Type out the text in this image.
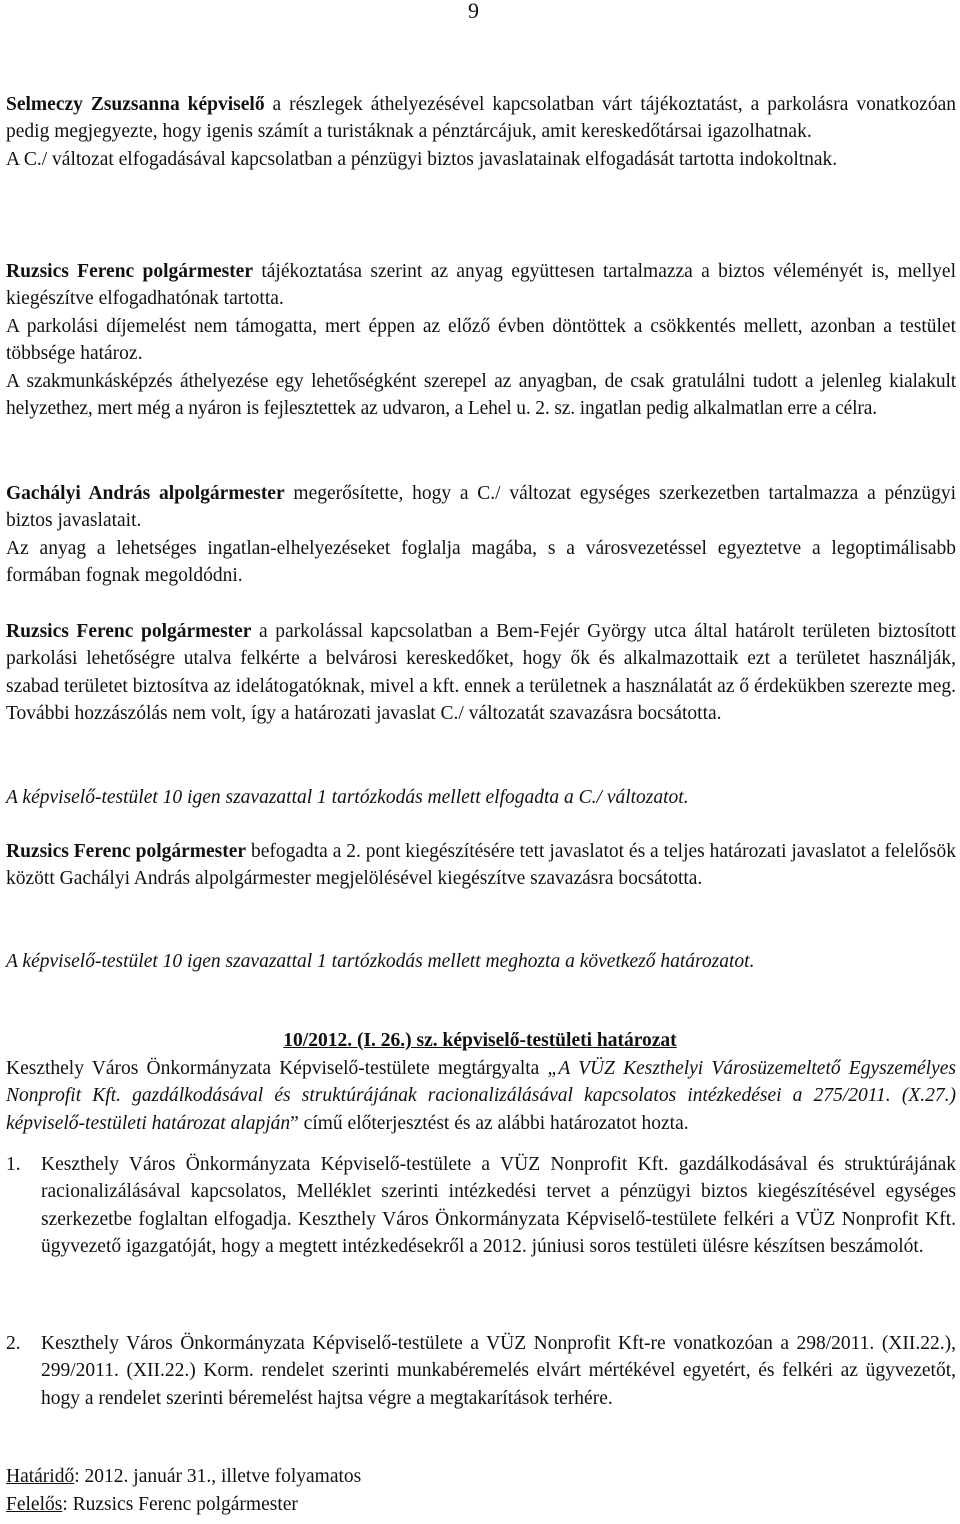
9

Selmeczy Zsuzsanna képviselő a részlegek áthelyezésével kapcsolatban várt tájékoztatást, a parkolásra vonatkozóan pedig megjegyezte, hogy igenis számít a turistáknak a pénztárcájuk, amit kereskedőtársai igazolhatnak.
A C./ változat elfogadásával kapcsolatban a pénzügyi biztos javaslatainak elfogadását tartotta indokoltnak.

Ruzsics Ferenc polgármester tájékoztatása szerint az anyag együttesen tartalmazza a biztos véleményét is, mellyel kiegészítve elfogadhatónak tartotta.
A parkolási díjemelést nem támogatta, mert éppen az előző évben döntöttek a csökkentés mellett, azonban a testület többsége határoz.
A szakmunkásképzés áthelyezése egy lehetőségként szerepel az anyagban, de csak gratulálni tudott a jelenleg kialakult helyzethez, mert még a nyáron is fejlesztettek az udvaron, a Lehel u. 2. sz. ingatlan pedig alkalmatlan erre a célra.

Gachályi András alpolgármester megerősítette, hogy a C./ változat egységes szerkezetben tartalmazza a pénzügyi biztos javaslatait.
Az anyag a lehetséges ingatlan-elhelyezéseket foglalja magába, s a városvezetéssel egyeztetve a legoptimálisabb formában fognak megoldódni.

Ruzsics Ferenc polgármester a parkolással kapcsolatban a Bem-Fejér György utca által határolt területen biztosított parkolási lehetőségre utalva felkérte a belvárosi kereskedőket, hogy ők és alkalmazottaik ezt a területet használják, szabad területet biztosítva az idelátogatóknak, mivel a kft. ennek a területnek a használatát az ő érdekükben szerezte meg. További hozzászólás nem volt, így a határozati javaslat C./ változatát szavazásra bocsátotta.

A képviselő-testület 10 igen szavazattal 1 tartózkodás mellett elfogadta a C./ változatot.

Ruzsics Ferenc polgármester befogadta a 2. pont kiegészítésére tett javaslatot és a teljes határozati javaslatot a felelősök között Gachályi András alpolgármester megjelölésével kiegészítve szavazásra bocsátotta.

A képviselő-testület 10 igen szavazattal 1 tartózkodás mellett meghozta a következő határozatot.

10/2012. (I. 26.) sz. képviselő-testületi határozat

Keszthely Város Önkormányzata Képviselő-testülete megtárgyalta „A VÜZ Keszthelyi Városüzemeltető Egyszemélyes Nonprofit Kft. gazdálkodásával és struktúrájának racionalizálásával kapcsolatos intézkedései a 275/2011. (X.27.) képviselő-testületi határozat alapján” című előterjesztést és az alábbi határozatot hozta.

1. Keszthely Város Önkormányzata Képviselő-testülete a VÜZ Nonprofit Kft. gazdálkodásával és struktúrájának racionalizálásával kapcsolatos, Melléklet szerinti intézkedési tervet a pénzügyi biztos kiegészítésével egységes szerkezetbe foglaltan elfogadja. Keszthely Város Önkormányzata Képviselő-testülete felkéri a VÜZ Nonprofit Kft. ügyvezető igazgatóját, hogy a megtett intézkedésekről a 2012. júniusi soros testületi ülésre készítsen beszámolót.
2. Keszthely Város Önkormányzata Képviselő-testülete a VÜZ Nonprofit Kft-re vonatkozóan a 298/2011. (XII.22.), 299/2011. (XII.22.) Korm. rendelet szerinti munkabéremelés elvárt mértékével egyetért, és felkéri az ügyvezetőt, hogy a rendelet szerinti béremelést hajtsa végre a megtakarítások terhére.
Határidő: 2012. január 31., illetve folyamatos
Felelős: Ruzsics Ferenc polgármester
